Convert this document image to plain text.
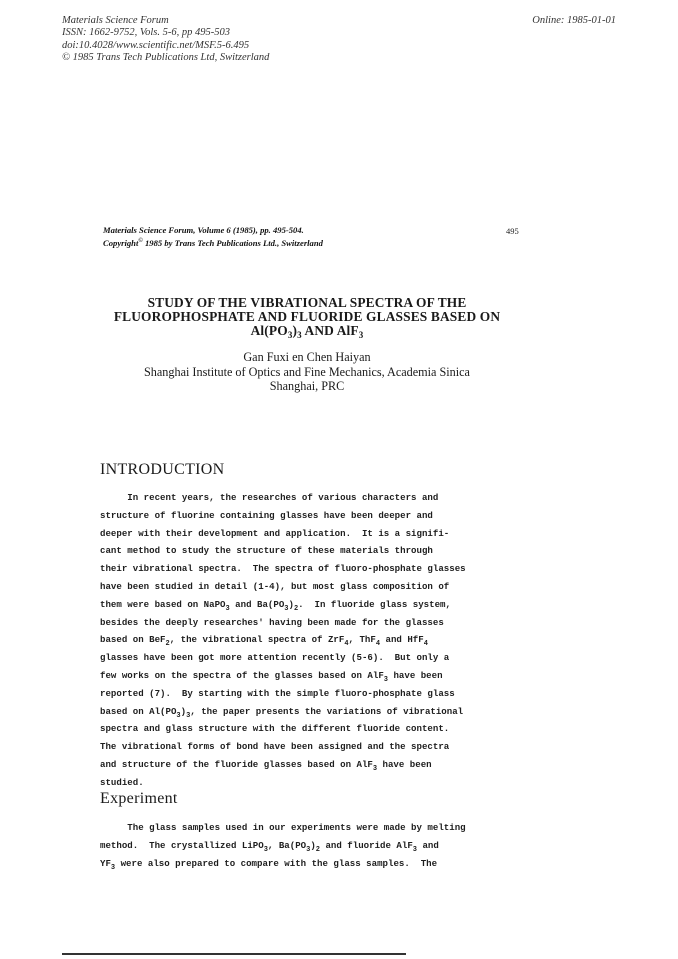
Materials Science Forum
ISSN: 1662-9752, Vols. 5-6, pp 495-503
doi:10.4028/www.scientific.net/MSF.5-6.495
© 1985 Trans Tech Publications Ltd, Switzerland
Online: 1985-01-01
Materials Science Forum, Volume 6 (1985), pp. 495-504.
Copyright© 1985 by Trans Tech Publications Ltd., Switzerland
495
STUDY OF THE VIBRATIONAL SPECTRA OF THE
FLUOROPHOSPHATE AND FLUORIDE GLASSES BASED ON
$Al(PO_3)_3$ AND AlF$_3$
Gan Fuxi en Chen Haiyan
Shanghai Institute of Optics and Fine Mechanics, Academia Sinica
Shanghai, PRC
INTRODUCTION
In recent years, the researches of various characters and
structure of fluorine containing glasses have been deeper and
deeper with their development and application.  It is a signifi-
cant method to study the structure of these materials through
their vibrational spectra.  The spectra of fluoro-phosphate glasses
have been studied in detail (1-4), but most glass composition of
them were based on NaPO$_3$ and $Ba(PO_3)_2$.  In fluoride glass system,
besides the deeply researches' having been made for the glasses
based on BeF$_2$, the vibrational spectra of ZrF$_4$, ThF$_4$ and HfF$_4$
glasses have been got more attention recently (5-6).  But only a
few works on the spectra of the glasses based on AlF$_3$ have been
reported (7).  By starting with the simple fluoro-phosphate glass
based on $Al(PO_3)_3$, the paper presents the variations of vibrational
spectra and glass structure with the different fluoride content.
The vibrational forms of bond have been assigned and the spectra
and structure of the fluoride glasses based on AlF$_3$ have been
studied.
Experiment
The glass samples used in our experiments were made by melting
method.  The crystallized LiPO$_3$, $Ba(PO_3)_2$ and fluoride AlF$_3$ and
$YF_3$ were also prepared to compare with the glass samples.  The
